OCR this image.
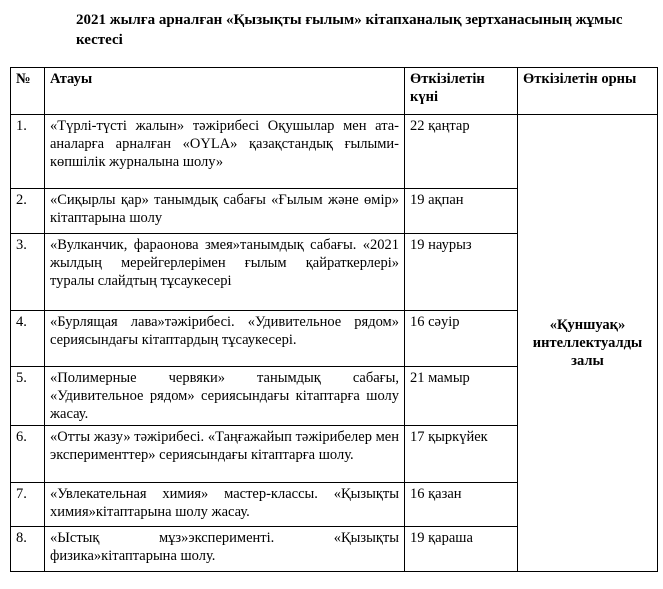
2021 жылға арналған «Қызықты ғылым» кітапханалық зертханасының жұмыс кестесі
№	Атауы	Өткізілетін күні	Өткізілетін орны
1.	«Түрлі-түсті жалын» тәжірибесі Оқушылар мен ата-аналарға арналған «OYLA» қазақстандық ғылыми-көпшілік журналына шолу»	22 қаңтар	«Қуншуақ» интеллектуалды залы
2.	«Сиқырлы қар» танымдық сабағы «Ғылым және өмір» кітаптарына шолу	19 ақпан	
3.	«Вулканчик, фараонова змея»танымдық сабағы. «2021 жылдың мерейгерлерімен ғылым қайраткерлері» туралы слайдтың тұсаукесері	19 наурыз	
4.	«Бурлящая лава»тәжірибесі. «Удивительное рядом» сериясындағы кітаптардың тұсаукесері.	16 сәуір	
5.	«Полимерные червяки» танымдық сабағы, «Удивительное рядом» сериясындағы кітаптарға шолу жасау.	21 мамыр	
6.	«Отты жазу» тәжірибесі. «Таңғажайып тәжірибелер мен эксперименттер» сериясындағы кітаптарға шолу.	17 қыркүйек	
7.	«Увлекательная химия» мастер-классы. «Қызықты химия»кітаптарына шолу жасау.	16 қазан	
8.	«Ыстық мұз»эксперименті. «Қызықты физика»кітаптарына шолу.	19 қараша	
